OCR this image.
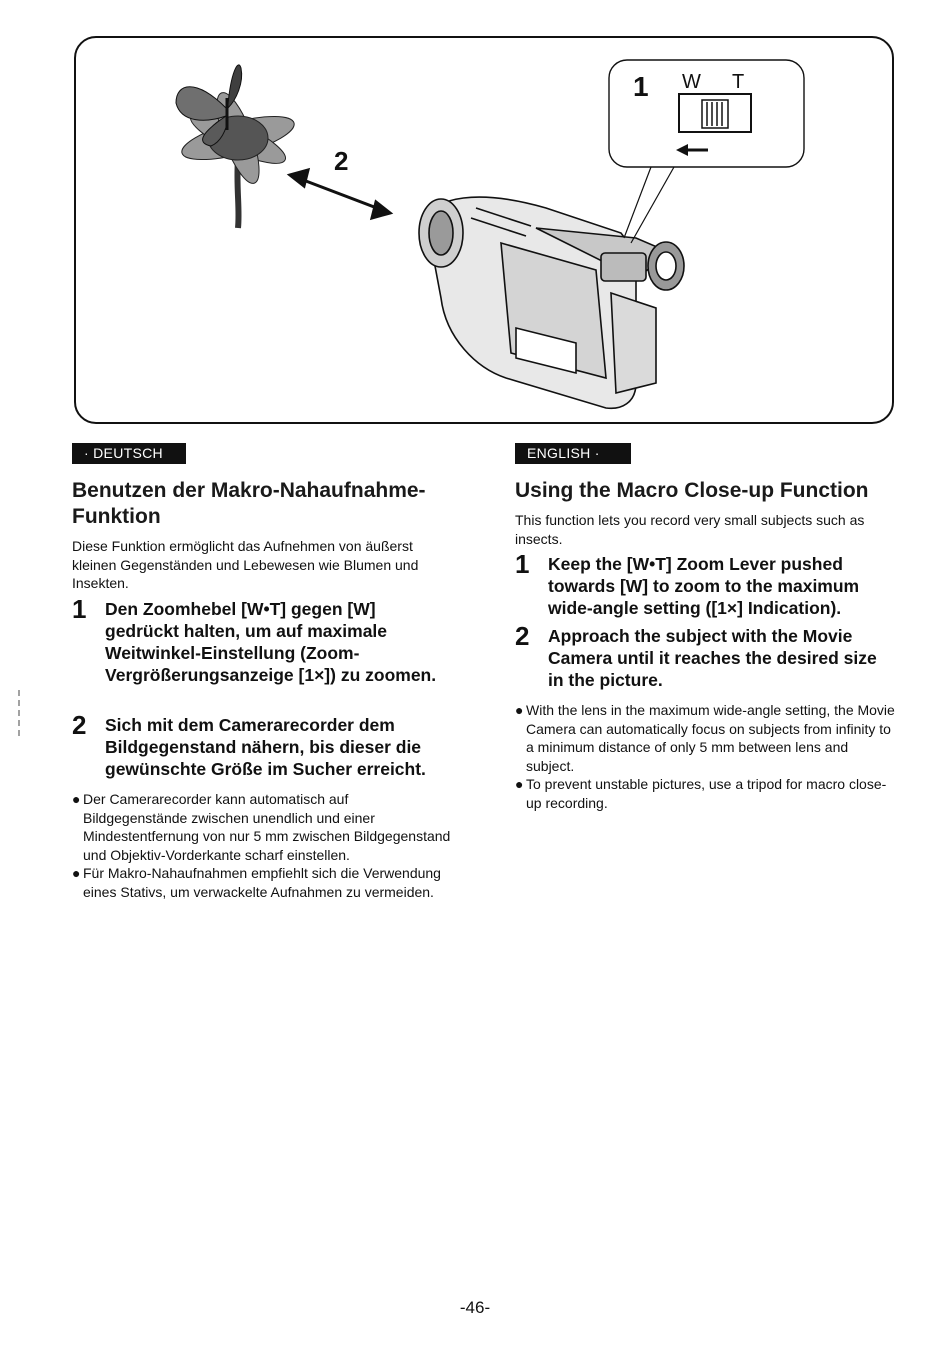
2
1 W T
· DEUTSCH
Benutzen der Makro-Nahaufnahme-Funktion

Diese Funktion ermöglicht das Aufnehmen von äußerst kleinen Gegenständen und Lebewesen wie Blumen und Insekten.

1 Den Zoomhebel [W•T] gegen [W] gedrückt halten, um auf maximale Weitwinkel-Einstellung (Zoom-Vergrößerungsanzeige [1×]) zu zoomen.
2 Sich mit dem Camerarecorder dem Bildgegenstand nähern, bis dieser die gewünschte Größe im Sucher erreicht.
● Der Camerarecorder kann automatisch auf Bildgegenstände zwischen unendlich und einer Mindestentfernung von nur 5 mm zwischen Bildgegenstand und Objektiv-Vorderkante scharf einstellen.
● Für Makro-Nahaufnahmen empfiehlt sich die Verwendung eines Stativs, um verwackelte Aufnahmen zu vermeiden.
ENGLISH ·
Using the Macro Close-up Function

This function lets you record very small subjects such as insects.

1 Keep the [W•T] Zoom Lever pushed towards [W] to zoom to the maximum wide-angle setting ([1×] Indication).
2 Approach the subject with the Movie Camera until it reaches the desired size in the picture.
● With the lens in the maximum wide-angle setting, the Movie Camera can automatically focus on subjects from infinity to a minimum distance of only 5 mm between lens and subject.
● To prevent unstable pictures, use a tripod for macro close-up recording.
-46-
